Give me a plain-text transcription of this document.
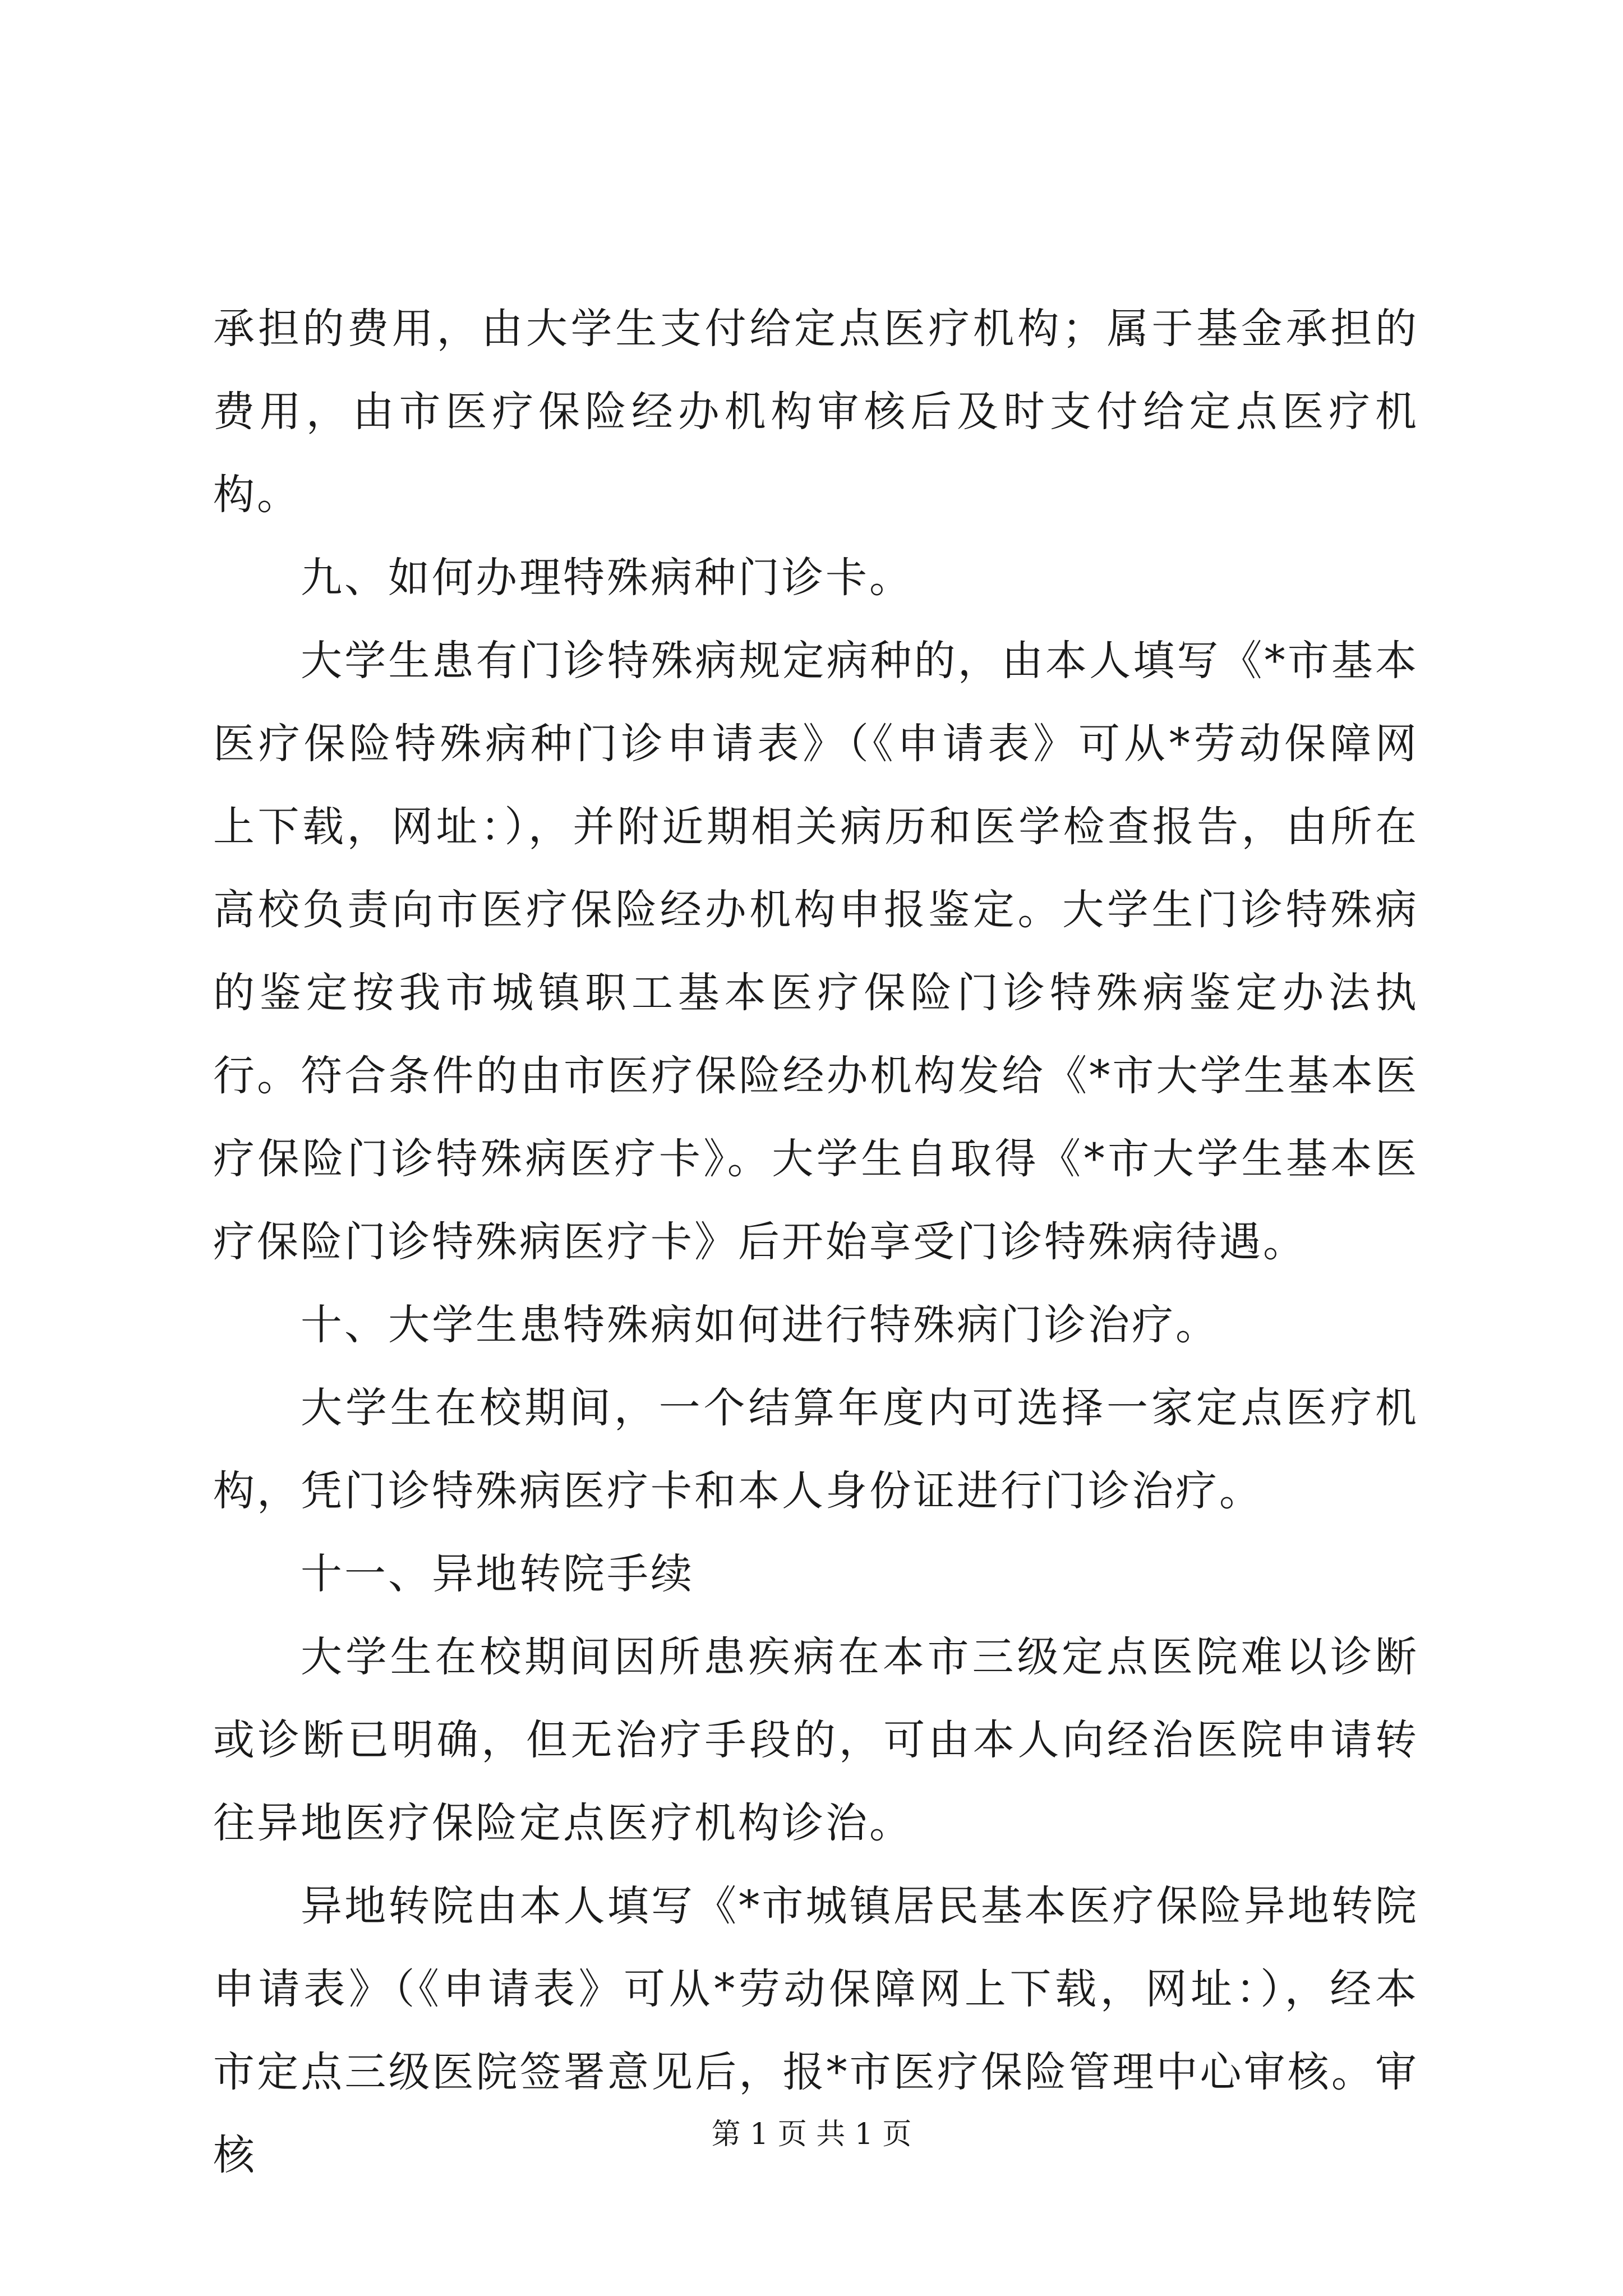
承担的费用，由大学生支付给定点医疗机构；属于基金承担的费用，由市医疗保险经办机构审核后及时支付给定点医疗机构。

九、如何办理特殊病种门诊卡。

大学生患有门诊特殊病规定病种的，由本人填写《*市基本医疗保险特殊病种门诊申请表》（《申请表》可从*劳动保障网上下载，网址：），并附近期相关病历和医学检查报告，由所在高校负责向市医疗保险经办机构申报鉴定。大学生门诊特殊病的鉴定按我市城镇职工基本医疗保险门诊特殊病鉴定办法执行。符合条件的由市医疗保险经办机构发给《*市大学生基本医疗保险门诊特殊病医疗卡》。大学生自取得《*市大学生基本医疗保险门诊特殊病医疗卡》后开始享受门诊特殊病待遇。

十、大学生患特殊病如何进行特殊病门诊治疗。

大学生在校期间，一个结算年度内可选择一家定点医疗机构，凭门诊特殊病医疗卡和本人身份证进行门诊治疗。

十一、异地转院手续

大学生在校期间因所患疾病在本市三级定点医院难以诊断或诊断已明确，但无治疗手段的，可由本人向经治医院申请转往异地医疗保险定点医疗机构诊治。

异地转院由本人填写《*市城镇居民基本医疗保险异地转院申请表》（《申请表》可从*劳动保障网上下载，网址：），经本市定点三级医院签署意见后，报*市医疗保险管理中心审核。审核	第 1 页 共 1 页
